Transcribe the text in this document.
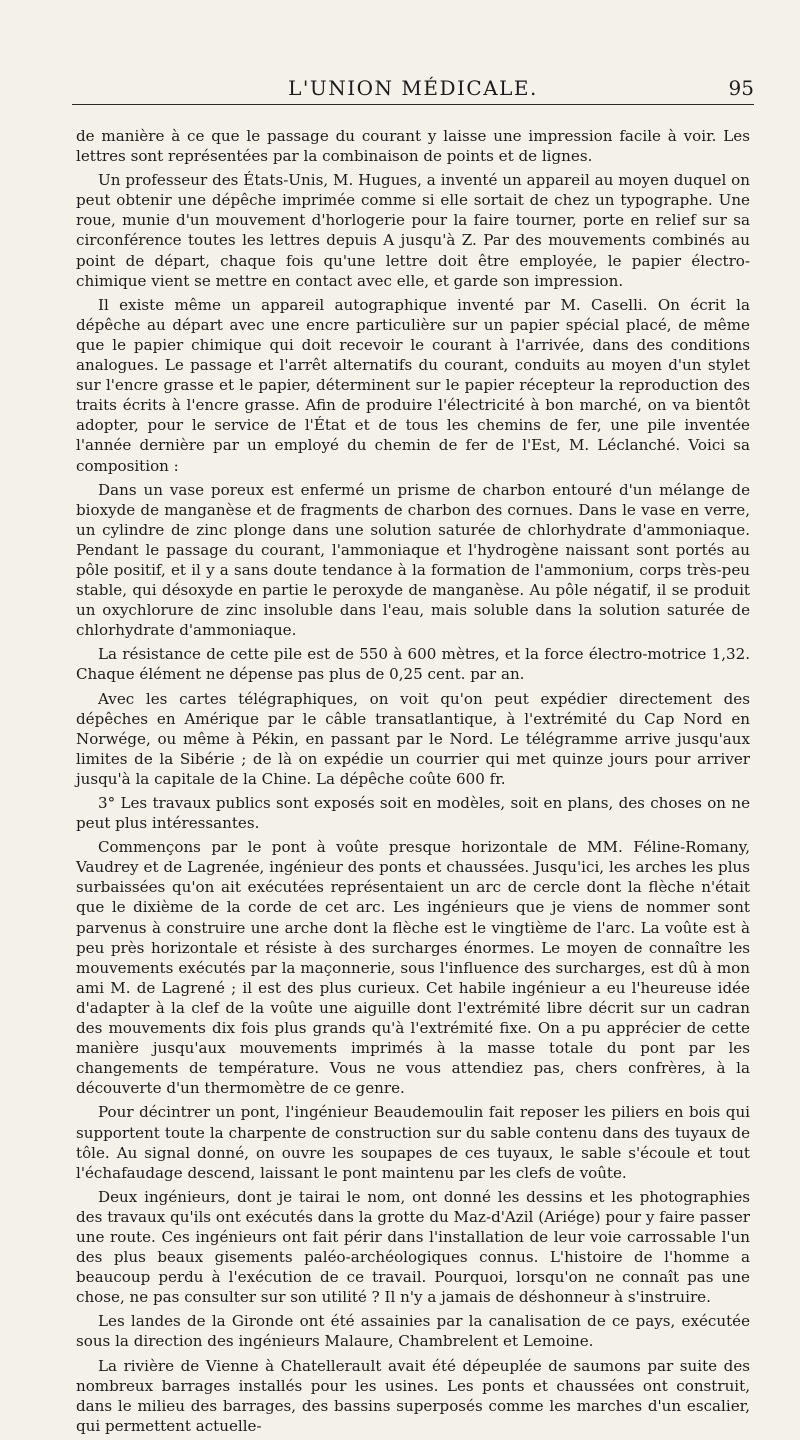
L'UNION MÉDICALE.	95

de manière à ce que le passage du courant y laisse une impression facile à voir. Les lettres sont représentées par la combinaison de points et de lignes.

Un professeur des États-Unis, M. Hugues, a inventé un appareil au moyen duquel on peut obtenir une dépêche imprimée comme si elle sortait de chez un typographe. Une roue, munie d'un mouvement d'horlogerie pour la faire tourner, porte en relief sur sa circonférence toutes les lettres depuis A jusqu'à Z. Par des mouvements combinés au point de départ, chaque fois qu'une lettre doit être employée, le papier électro-chimique vient se mettre en contact avec elle, et garde son impression.

Il existe même un appareil autographique inventé par M. Caselli. On écrit la dépêche au départ avec une encre particulière sur un papier spécial placé, de même que le papier chimique qui doit recevoir le courant à l'arrivée, dans des conditions analogues. Le passage et l'arrêt alternatifs du courant, conduits au moyen d'un stylet sur l'encre grasse et le papier, déterminent sur le papier récepteur la reproduction des traits écrits à l'encre grasse. Afin de produire l'électricité à bon marché, on va bientôt adopter, pour le service de l'État et de tous les chemins de fer, une pile inventée l'année dernière par un employé du chemin de fer de l'Est, M. Léclanché. Voici sa composition :

Dans un vase poreux est enfermé un prisme de charbon entouré d'un mélange de bioxyde de manganèse et de fragments de charbon des cornues. Dans le vase en verre, un cylindre de zinc plonge dans une solution saturée de chlorhydrate d'ammoniaque. Pendant le passage du courant, l'ammoniaque et l'hydrogène naissant sont portés au pôle positif, et il y a sans doute tendance à la formation de l'ammonium, corps très-peu stable, qui désoxyde en partie le peroxyde de manganèse. Au pôle négatif, il se produit un oxychlorure de zinc insoluble dans l'eau, mais soluble dans la solution saturée de chlorhydrate d'ammoniaque.

La résistance de cette pile est de 550 à 600 mètres, et la force électro-motrice 1,32. Chaque élément ne dépense pas plus de 0,25 cent. par an.

Avec les cartes télégraphiques, on voit qu'on peut expédier directement des dépêches en Amérique par le câble transatlantique, à l'extrémité du Cap Nord en Norwége, ou même à Pékin, en passant par le Nord. Le télégramme arrive jusqu'aux limites de la Sibérie ; de là on expédie un courrier qui met quinze jours pour arriver jusqu'à la capitale de la Chine. La dépêche coûte 600 fr.

3° Les travaux publics sont exposés soit en modèles, soit en plans, des choses on ne peut plus intéressantes.

Commençons par le pont à voûte presque horizontale de MM. Féline-Romany, Vaudrey et de Lagrenée, ingénieur des ponts et chaussées. Jusqu'ici, les arches les plus surbaissées qu'on ait exécutées représentaient un arc de cercle dont la flèche n'était que le dixième de la corde de cet arc. Les ingénieurs que je viens de nommer sont parvenus à construire une arche dont la flèche est le vingtième de l'arc. La voûte est à peu près horizontale et résiste à des surcharges énormes. Le moyen de connaître les mouvements exécutés par la maçonnerie, sous l'influence des surcharges, est dû à mon ami M. de Lagrené ; il est des plus curieux. Cet habile ingénieur a eu l'heureuse idée d'adapter à la clef de la voûte une aiguille dont l'extrémité libre décrit sur un cadran des mouvements dix fois plus grands qu'à l'extrémité fixe. On a pu apprécier de cette manière jusqu'aux mouvements imprimés à la masse totale du pont par les changements de température. Vous ne vous attendiez pas, chers confrères, à la découverte d'un thermomètre de ce genre.

Pour décintrer un pont, l'ingénieur Beaudemoulin fait reposer les piliers en bois qui supportent toute la charpente de construction sur du sable contenu dans des tuyaux de tôle. Au signal donné, on ouvre les soupapes de ces tuyaux, le sable s'écoule et tout l'échafaudage descend, laissant le pont maintenu par les clefs de voûte.

Deux ingénieurs, dont je tairai le nom, ont donné les dessins et les photographies des travaux qu'ils ont exécutés dans la grotte du Maz-d'Azil (Ariége) pour y faire passer une route. Ces ingénieurs ont fait périr dans l'installation de leur voie carrossable l'un des plus beaux gisements paléo-archéologiques connus. L'histoire de l'homme a beaucoup perdu à l'exécution de ce travail. Pourquoi, lorsqu'on ne connaît pas une chose, ne pas consulter sur son utilité ? Il n'y a jamais de déshonneur à s'instruire.

Les landes de la Gironde ont été assainies par la canalisation de ce pays, exécutée sous la direction des ingénieurs Malaure, Chambrelent et Lemoine.

La rivière de Vienne à Chatellerault avait été dépeuplée de saumons par suite des nombreux barrages installés pour les usines. Les ponts et chaussées ont construit, dans le milieu des barrages, des bassins superposés comme les marches d'un escalier, qui permettent actuelle-
